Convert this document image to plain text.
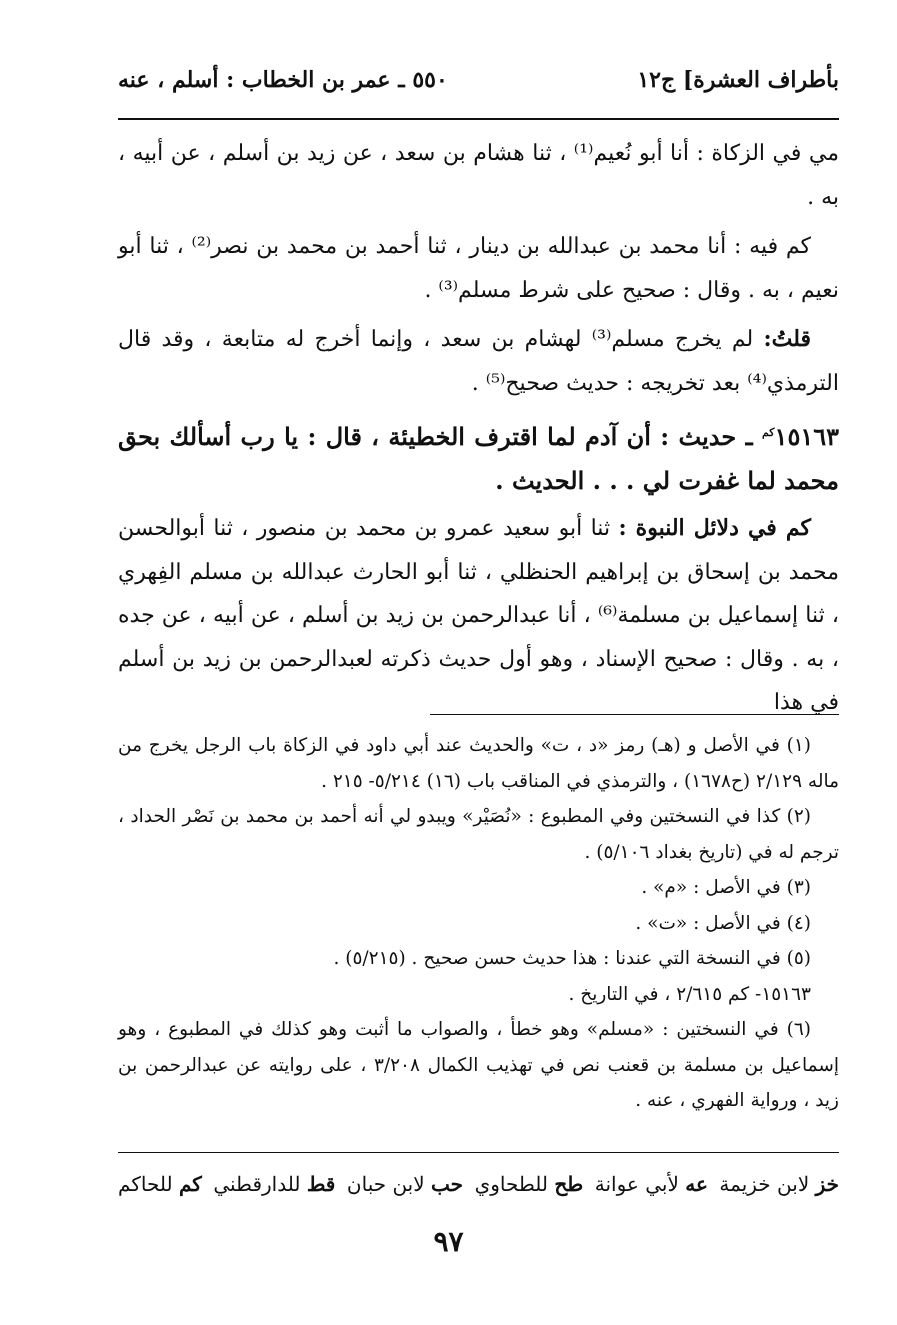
بأطراف العشرة] ج١٢
٥٥٠ ـ عمر بن الخطاب : أسلم ، عنه

مي في الزكاة : أنا أبو نُعيم⁽¹⁾ ، ثنا هشام بن سعد ، عن زيد بن أسلم ، عن أبيه ، به .

كم فيه : أنا محمد بن عبدالله بن دينار ، ثنا أحمد بن محمد بن نصر⁽²⁾ ، ثنا أبو نعيم ، به . وقال : صحيح على شرط مسلم⁽³⁾ .

قلتُ: لم يخرج مسلم⁽³⁾ لهشام بن سعد ، وإنما أخرج له متابعة ، وقد قال الترمذي⁽⁴⁾ بعد تخريجه : حديث صحيح⁽⁵⁾ .

$١٥١٦٣^{كم}$ ـ حديث : أن آدم لما اقترف الخطيئة ، قال : يا رب أسألك بحق محمد لما غفرت لي . . . الحديث .

كم في دلائل النبوة : ثنا أبو سعيد عمرو بن محمد بن منصور ، ثنا أبوالحسن محمد بن إسحاق بن إبراهيم الحنظلي ، ثنا أبو الحارث عبدالله بن مسلم الفِهري ، ثنا إسماعيل بن مسلمة⁽⁶⁾ ، أنا عبدالرحمن بن زيد بن أسلم ، عن أبيه ، عن جده ، به . وقال : صحيح الإسناد ، وهو أول حديث ذكرته لعبدالرحمن بن زيد بن أسلم في هذا

(١) في الأصل و (هـ) رمز «د ، ت» والحديث عند أبي داود في الزكاة باب الرجل يخرج من ماله ٢/١٢٩ (ح١٦٧٨) ، والترمذي في المناقب باب (١٦) ٥/٢١٤- ٢١٥ .

(٢) كذا في النسختين وفي المطبوع : «نُصَيْر» ويبدو لي أنه أحمد بن محمد بن نَصْر الحداد ، ترجم له في (تاريخ بغداد ٥/١٠٦) .

(٣) في الأصل : «م» .

(٤) في الأصل : «ت» .

(٥) في النسخة التي عندنا : هذا حديث حسن صحيح . (٥/٢١٥) .

١٥١٦٣- كم ٢/٦١٥ ، في التاريخ .

(٦) في النسختين : «مسلم» وهو خطأ ، والصواب ما أثبت وهو كذلك في المطبوع ، وهو إسماعيل بن مسلمة بن قعنب نص في تهذيب الكمال ٣/٢٠٨ ، على روايته عن عبدالرحمن بن زيد ، ورواية الفهري ، عنه .

خز لابن خزيمة
عه لأبي عوانة
طح للطحاوي
حب لابن حبان
قط للدارقطني
كم للحاكم
٩٧
